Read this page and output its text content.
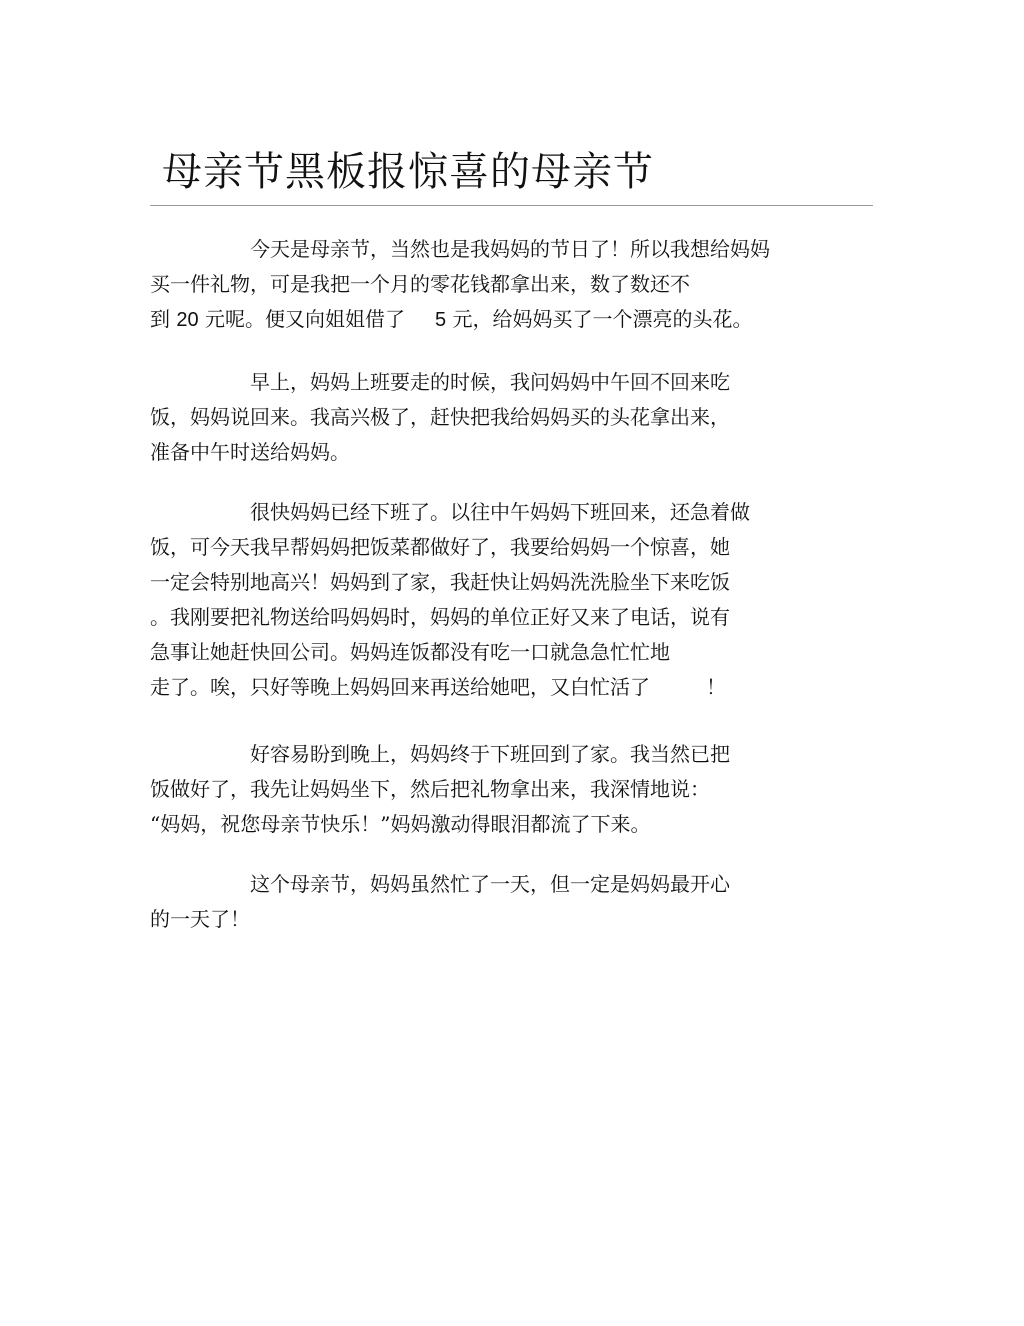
母亲节黑板报惊喜的母亲节

今天是母亲节，当然也是我妈妈的节日了！所以我想给妈妈
买一件礼物，可是我把一个月的零花钱都拿出来，数了数还不
到 20 元呢。便又向姐姐借了 5 元，给妈妈买了一个漂亮的头花。

早上，妈妈上班要走的时候，我问妈妈中午回不回来吃
饭，妈妈说回来。我高兴极了，赶快把我给妈妈买的头花拿出来，
准备中午时送给妈妈。

很快妈妈已经下班了。以往中午妈妈下班回来，还急着做
饭，可今天我早帮妈妈把饭菜都做好了，我要给妈妈一个惊喜，她
一定会特别地高兴！妈妈到了家，我赶快让妈妈洗洗脸坐下来吃饭
。我刚要把礼物送给吗妈妈时，妈妈的单位正好又来了电话，说有
急事让她赶快回公司。妈妈连饭都没有吃一口就急急忙忙地
走了。唉，只好等晚上妈妈回来再送给她吧，又白忙活了	！

好容易盼到晚上，妈妈终于下班回到了家。我当然已把
饭做好了，我先让妈妈坐下，然后把礼物拿出来，我深情地说：
“妈妈，祝您母亲节快乐！”妈妈激动得眼泪都流了下来。

这个母亲节，妈妈虽然忙了一天，但一定是妈妈最开心
的一天了！
